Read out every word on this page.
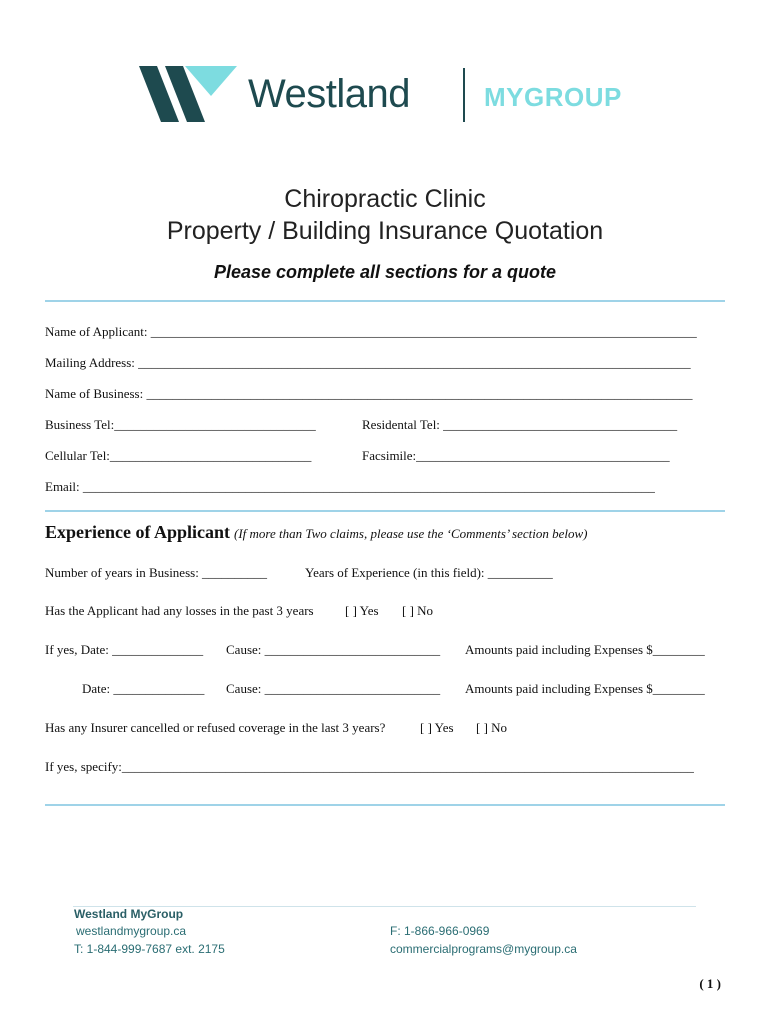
Westland	MYGROUP
Chiropractic Clinic
Property / Building Insurance Quotation
Please complete all sections for a quote
Name of Applicant: ____________________________________________________________________________________
Mailing Address: _____________________________________________________________________________________
Name of Business: ____________________________________________________________________________________
Business Tel:_______________________________	Residental Tel: ____________________________________
Cellular Tel:_______________________________	Facsimile:_______________________________________
Email: ________________________________________________________________________________________
Experience of Applicant (If more than Two claims, please use the ‘Comments’ section below)
Number of years in Business: __________	Years of Experience (in this field): __________
Has the Applicant had any losses in the past 3 years [ ] Yes [ ] No
If yes, Date: ______________ Cause: ___________________________ Amounts paid including Expenses $________
Date: ______________ Cause: ___________________________ Amounts paid including Expenses $________
Has any Insurer cancelled or refused coverage in the last 3 years?	[ ] Yes [ ] No
If yes, specify:________________________________________________________________________________________
Westland MyGroup
westlandmygroup.ca
T: 1-844-999-7687 ext. 2175
F: 1-866-966-0969
commercialprograms@mygroup.ca
( 1 )
